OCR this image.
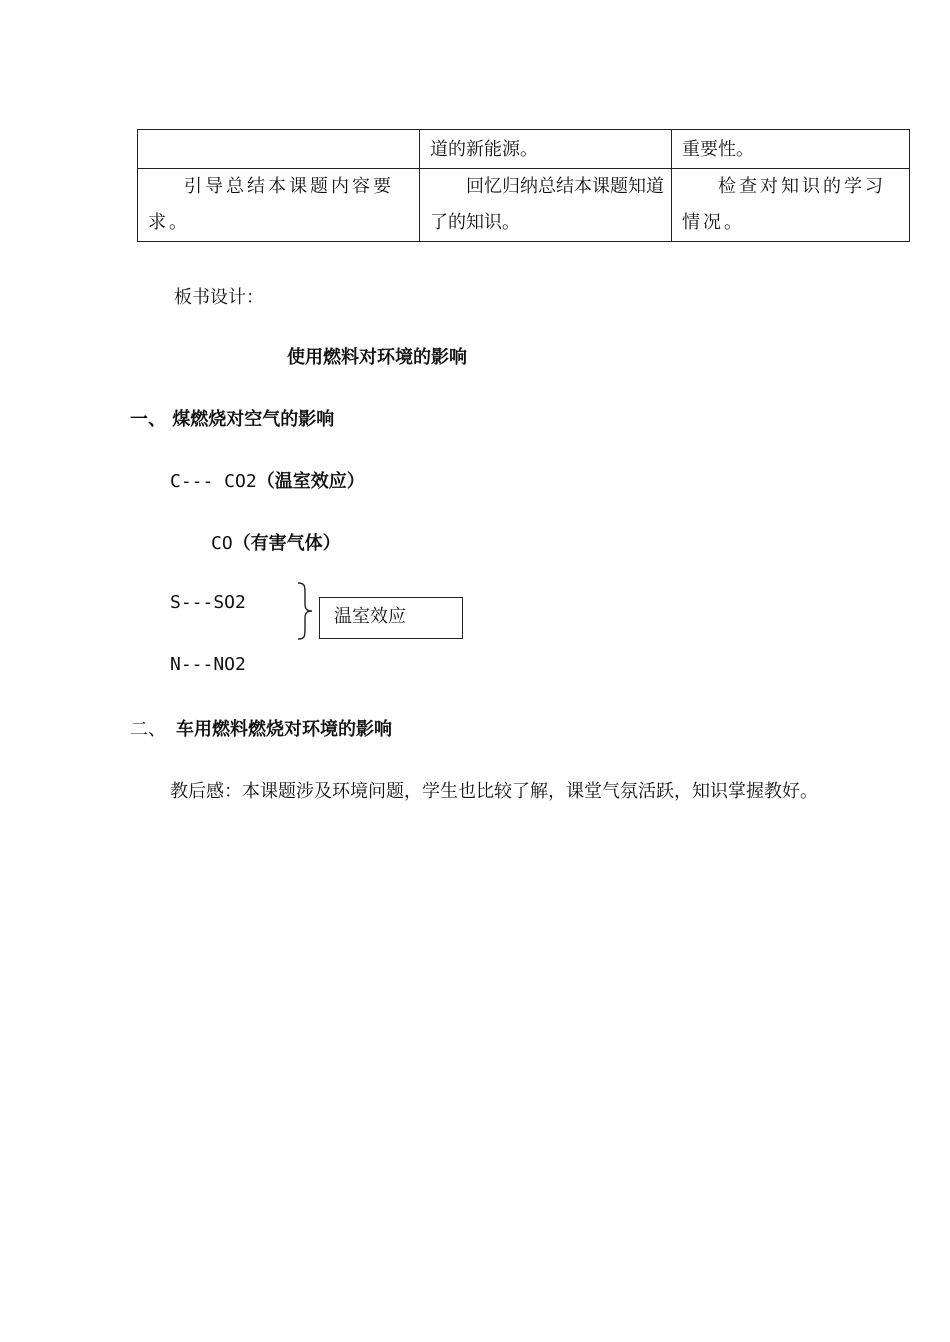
	道的新能源。	重要性。
引导总结本课题内容要求。	回忆归纳总结本课题知道了的知识。	检查对知识的学习情况。
板书设计：
使用燃料对环境的影响
一、 煤燃烧对空气的影响
C--- CO2（温室效应）
CO（有害气体）
S---SO2
温室效应
N---NO2
二、 车用燃料燃烧对环境的影响
教后感：本课题涉及环境问题，学生也比较了解，课堂气氛活跃，知识掌握教好。
